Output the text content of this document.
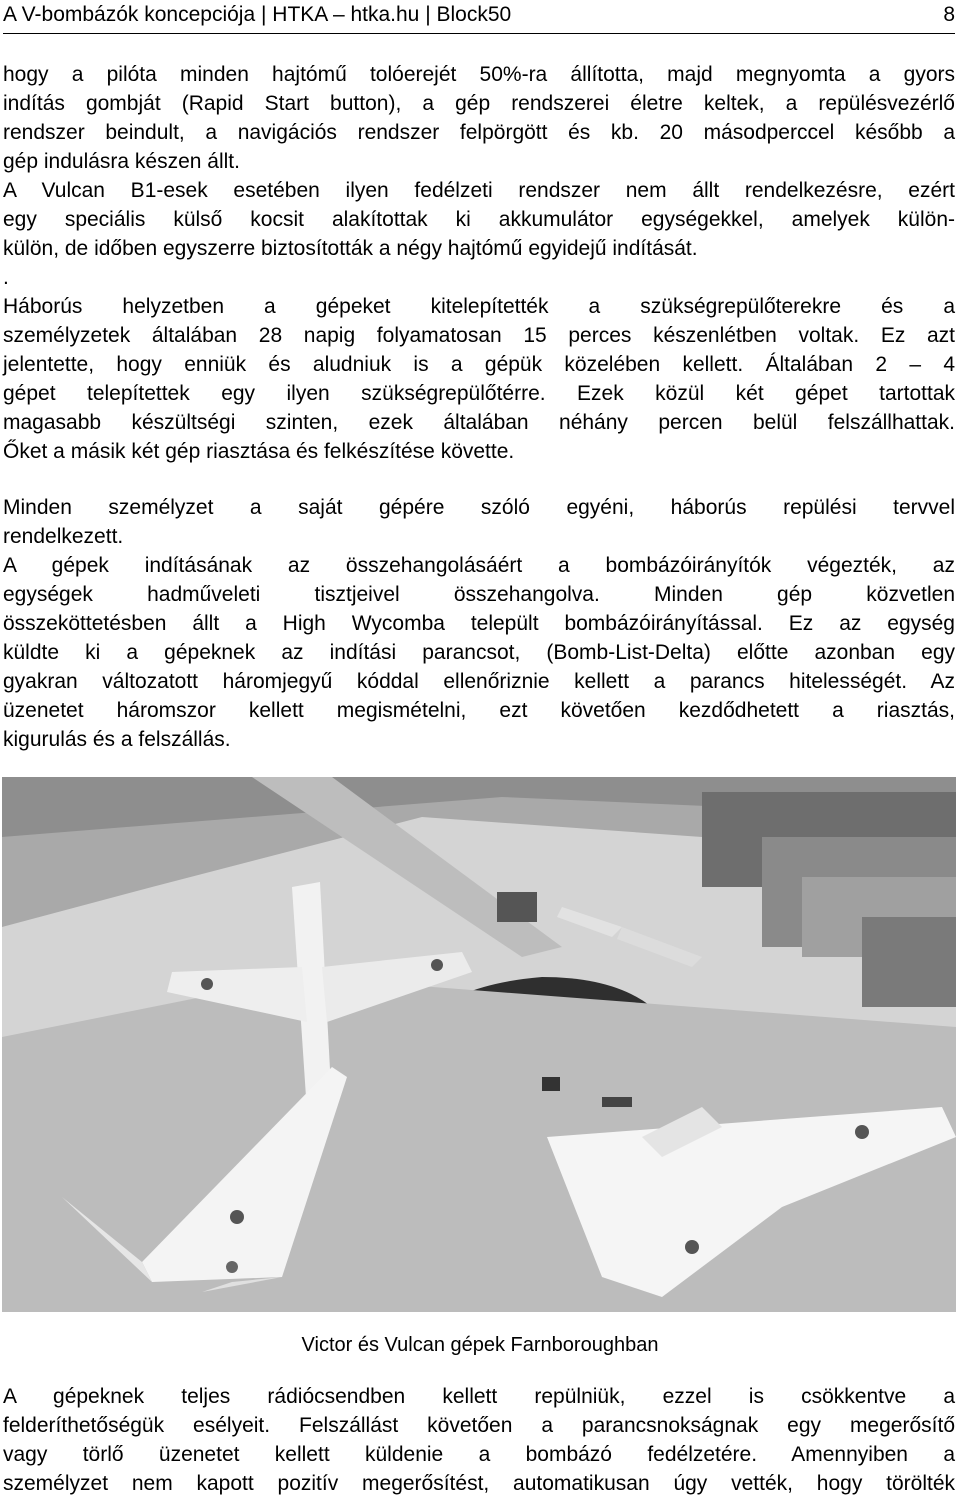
A V-bombázók koncepciója | HTKA – htka.hu | Block50	8
hogy a pilóta minden hajtómű tolóerejét 50%-ra állította, majd megnyomta a gyors
indítás gombját (Rapid Start button), a gép rendszerei életre keltek, a repülésvezérlő
rendszer beindult, a navigációs rendszer felpörgött és kb. 20 másodperccel később a
gép indulásra készen állt.
A Vulcan B1-esek esetében ilyen fedélzeti rendszer nem állt rendelkezésre, ezért
egy speciális külső kocsit alakítottak ki akkumulátor egységekkel, amelyek külön-
külön, de időben egyszerre biztosították a négy hajtómű egyidejű indítását.
.
Háborús helyzetben a gépeket kitelepítették a szükségrepülőterekre és a
személyzetek általában 28 napig folyamatosan 15 perces készenlétben voltak. Ez azt
jelentette, hogy enniük és aludniuk is a gépük közelében kellett. Általában 2 – 4
gépet telepítettek egy ilyen szükségrepülőtérre. Ezek közül két gépet tartottak
magasabb készültségi szinten, ezek általában néhány percen belül felszállhattak.
Őket a másik két gép riasztása és felkészítése követte.
Minden személyzet a saját gépére szóló egyéni, háborús repülési tervvel
rendelkezett.
A gépek indításának az összehangolásáért a bombázóirányítók végezték, az
egységek hadműveleti tisztjeivel összehangolva. Minden gép közvetlen
összeköttetésben állt a High Wycomba települt bombázóirányítással. Ez az egység
küldte ki a gépeknek az indítási parancsot, (Bomb-List-Delta) előtte azonban egy
gyakran változatott háromjegyű kóddal ellenőriznie kellett a parancs hitelességét. Az
üzenetet háromszor kellett megismételni, ezt követően kezdődhetett a riasztás,
kigurulás és a felszállás.
Victor és Vulcan gépek Farnboroughban
A gépeknek teljes rádiócsendben kellett repülniük, ezzel is csökkentve a
felderíthetőségük esélyeit. Felszállást követően a parancsnokságnak egy megerősítő
vagy törlő üzenetet kellett küldenie a bombázó fedélzetére. Amennyiben a
személyzet nem kapott pozitív megerősítést, automatikusan úgy vették, hogy törölték
